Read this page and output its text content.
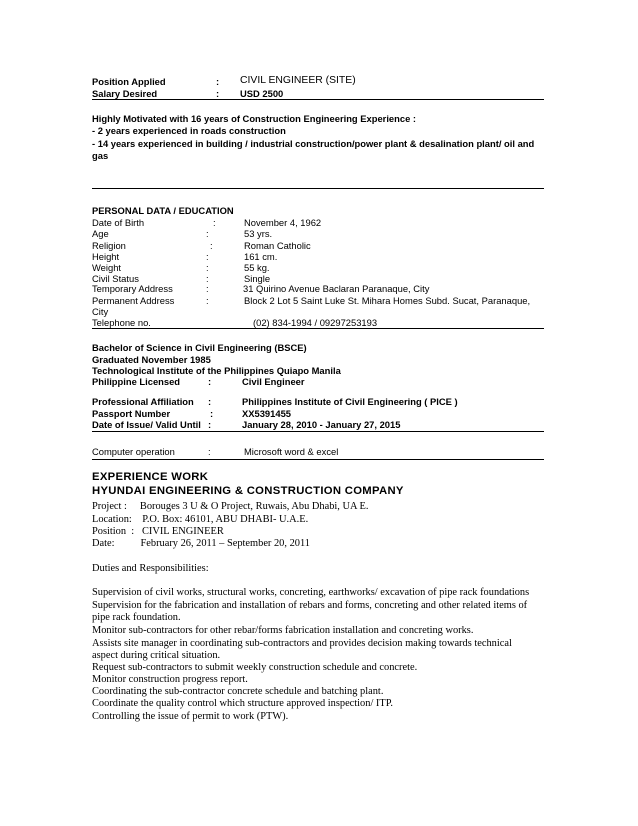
Position Applied	: CIVIL ENGINEER (SITE)
Salary Desired	: USD 2500
Highly Motivated with 16 years of Construction Engineering Experience :
- 2 years experienced in roads construction
- 14 years experienced in building / industrial construction/power plant & desalination plant/ oil and
gas
PERSONAL DATA / EDUCATION
Date of Birth	:	November 4, 1962
Age	:	53 yrs.
Religion	:	Roman Catholic
Height	:	161 cm.
Weight	:	55 kg.
Civil Status	:	Single
Temporary Address	:	31 Quirino Avenue Baclaran Paranaque, City
Permanent Address	:	Block 2 Lot 5 Saint Luke St. Mihara Homes Subd. Sucat, Paranaque,
City
Telephone no.	(02) 834-1994 / 09297253193
Bachelor of Science in Civil Engineering (BSCE)
Graduated November 1985
Technological Institute of the Philippines Quiapo Manila
Philippine Licensed	:	Civil Engineer
Professional Affiliation :	Philippines Institute of Civil Engineering ( PICE )
Passport Number	:	XX5391455
Date of Issue/ Valid Until :	January 28, 2010 - January 27, 2015
Computer operation	:	Microsoft word & excel
EXPERIENCE WORK
HYUNDAI ENGINEERING & CONSTRUCTION COMPANY
Project :     Borouges 3 U & O Project, Ruwais, Abu Dhabi, UA E.
Location:    P.O. Box: 46101, ABU DHABI- U.A.E.
Position  :   CIVIL ENGINEER
Date:          February 26, 2011 – September 20, 2011
Duties and Responsibilities:
Supervision of civil works, structural works, concreting, earthworks/ excavation of pipe rack foundations
Supervision for the fabrication and installation of rebars and forms, concreting and other related items of
pipe rack foundation.
Monitor sub-contractors for other rebar/forms fabrication installation and concreting works.
Assists site manager in coordinating sub-contractors and provides decision making towards technical
aspect during critical situation.
Request sub-contractors to submit weekly construction schedule and concrete.
Monitor construction progress report.
Coordinating the sub-contractor concrete schedule and batching plant.
Coordinate the quality control which structure approved inspection/ ITP.
Controlling the issue of permit to work (PTW).
